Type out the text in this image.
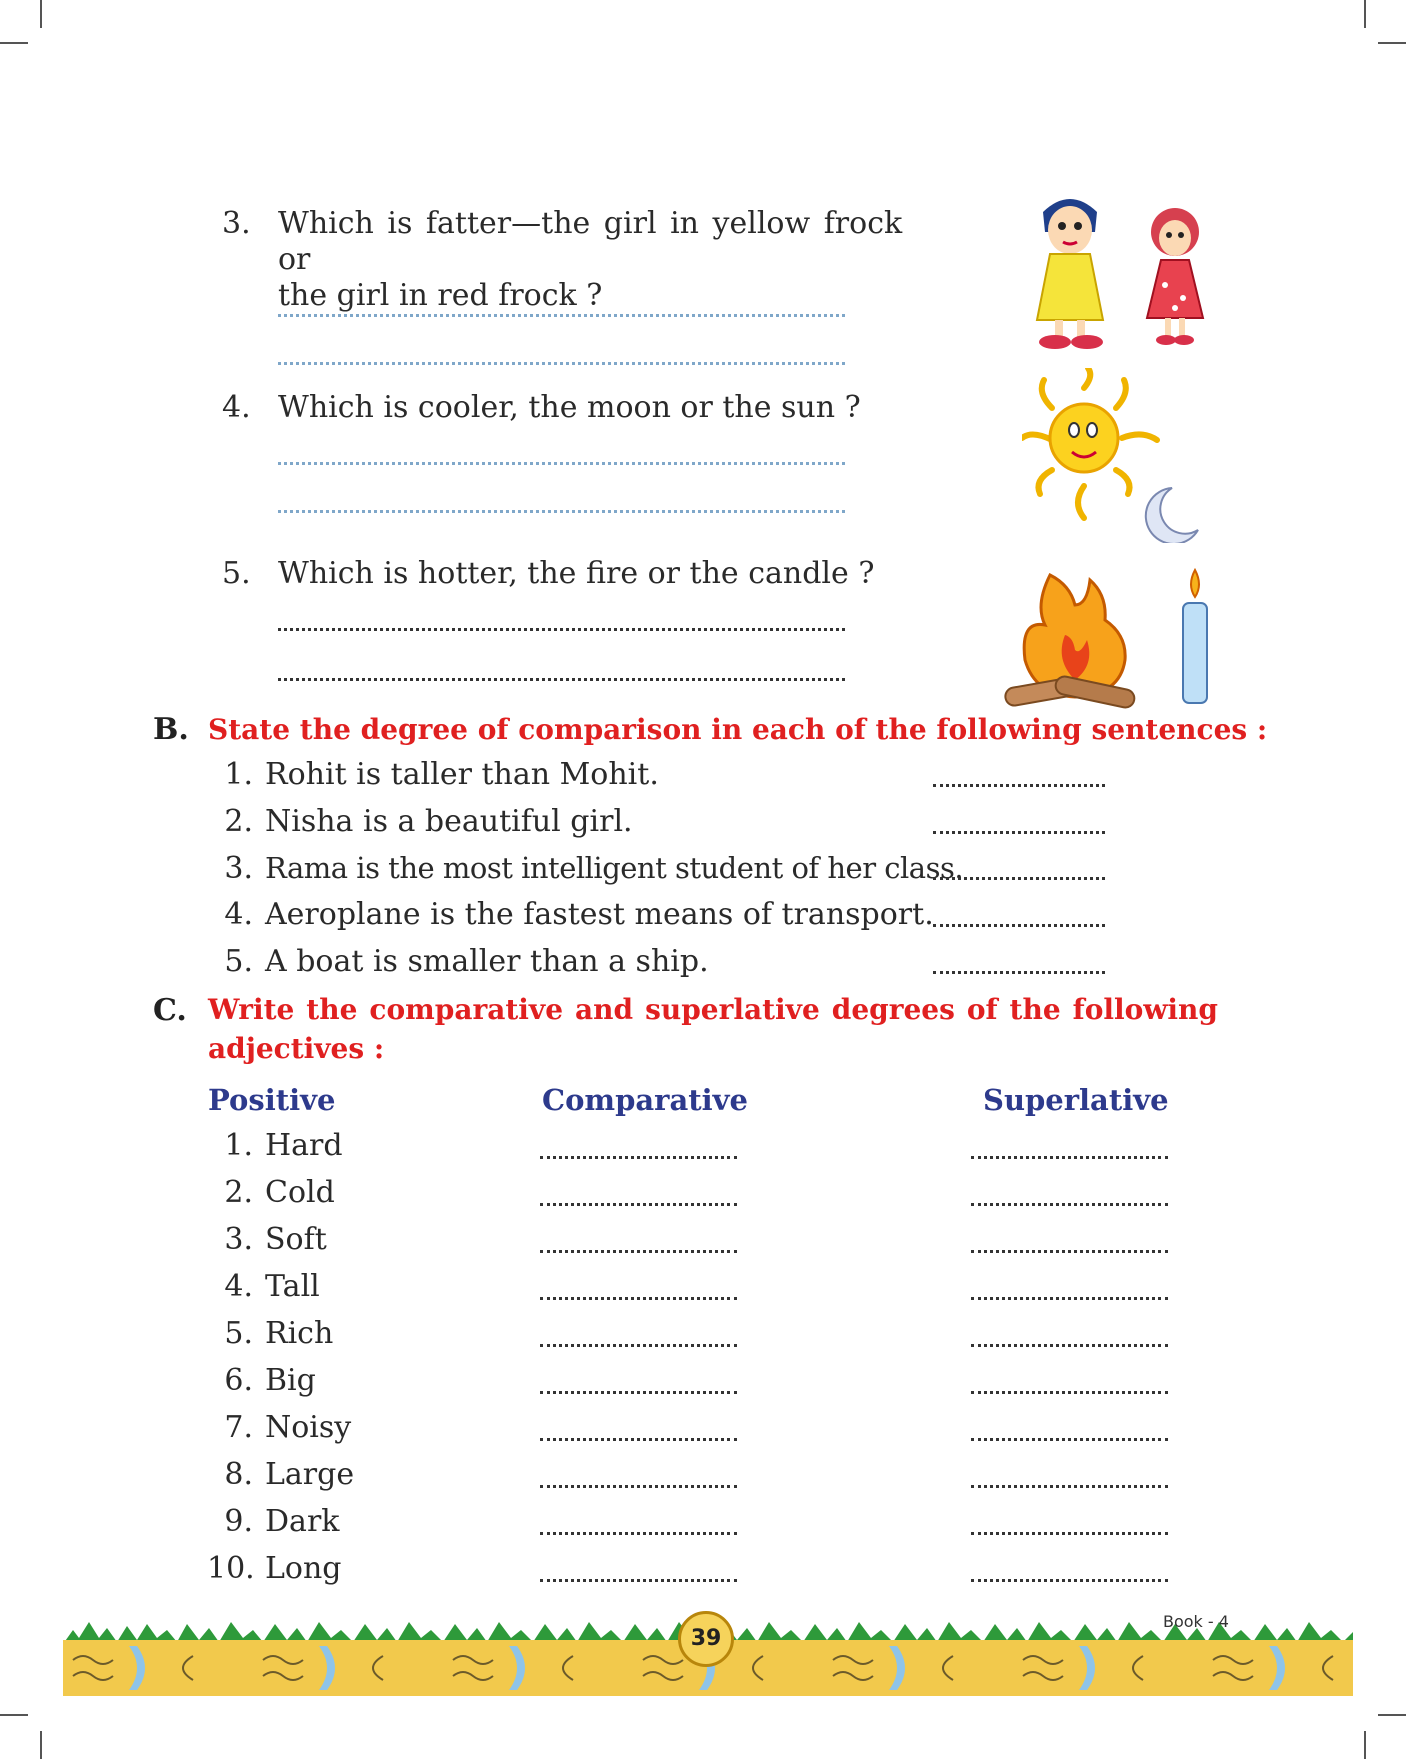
3. Which is fatter—the girl in yellow frock or
the girl in red frock ?
4. Which is cooler, the moon or the sun ?
5. Which is hotter, the fire or the candle ?
B. State the degree of comparison in each of the following sentences :
1. Rohit is taller than Mohit.
2. Nisha is a beautiful girl.
3. Rama is the most intelligent student of her class.
4. Aeroplane is the fastest means of transport.
5. A boat is smaller than a ship.
C. Write the comparative and superlative degrees of the following
adjectives :
Positive	Comparative	Superlative
1. Hard
2. Cold
3. Soft
4. Tall
5. Rich
6. Big
7. Noisy
8. Large
9. Dark
10. Long
39
Book - 4
